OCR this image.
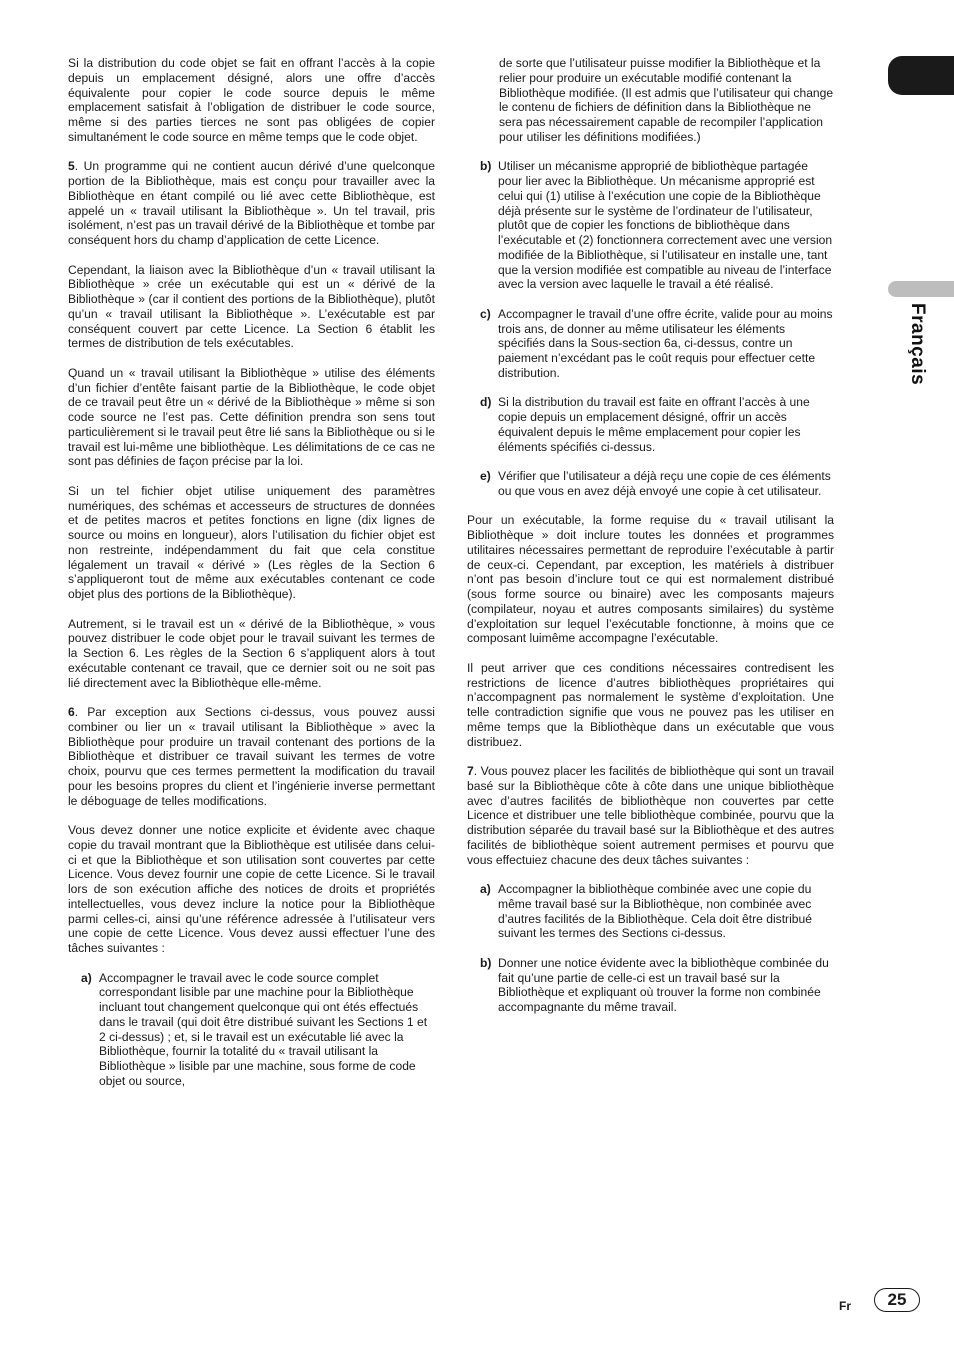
Français

Si la distribution du code objet se fait en offrant l’accès à la copie depuis un emplacement désigné, alors une offre d’accès équivalente pour copier le code source depuis le même emplacement satisfait à l’obligation de distribuer le code source, même si des parties tierces ne sont pas obligées de copier simultanément le code source en même temps que le code objet.

5. Un programme qui ne contient aucun dérivé d’une quelconque portion de la Bibliothèque, mais est conçu pour travailler avec la Bibliothèque en étant compilé ou lié avec cette Bibliothèque, est appelé un « travail utilisant la Bibliothèque ». Un tel travail, pris isolément, n’est pas un travail dérivé de la Bibliothèque et tombe par conséquent hors du champ d’application de cette Licence.

Cependant, la liaison avec la Bibliothèque d’un « travail utilisant la Bibliothèque » crée un exécutable qui est un « dérivé de la Bibliothèque » (car il contient des portions de la Bibliothèque), plutôt qu’un « travail utilisant la Bibliothèque ». L’exécutable est par conséquent couvert par cette Licence. La Section 6 établit les termes de distribution de tels exécutables.

Quand un « travail utilisant la Bibliothèque » utilise des éléments d’un fichier d’entête faisant partie de la Bibliothèque, le code objet de ce travail peut être un « dérivé de la Bibliothèque » même si son code source ne l’est pas. Cette définition prendra son sens tout particulièrement si le travail peut être lié sans la Bibliothèque ou si le travail est lui-même une bibliothèque. Les délimitations de ce cas ne sont pas définies de façon précise par la loi.

Si un tel fichier objet utilise uniquement des paramètres numériques, des schémas et accesseurs de structures de données et de petites macros et petites fonctions en ligne (dix lignes de source ou moins en longueur), alors l’utilisation du fichier objet est non restreinte, indépendamment du fait que cela constitue légalement un travail « dérivé » (Les règles de la Section 6 s’appliqueront tout de même aux exécutables contenant ce code objet plus des portions de la Bibliothèque).

Autrement, si le travail est un « dérivé de la Bibliothèque, » vous pouvez distribuer le code objet pour le travail suivant les termes de la Section 6. Les règles de la Section 6 s’appliquent alors à tout exécutable contenant ce travail, que ce dernier soit ou ne soit pas lié directement avec la Bibliothèque elle-même.

6. Par exception aux Sections ci-dessus, vous pouvez aussi combiner ou lier un « travail utilisant la Bibliothèque » avec la Bibliothèque pour produire un travail contenant des portions de la Bibliothèque et distribuer ce travail suivant les termes de votre choix, pourvu que ces termes permettent la modification du travail pour les besoins propres du client et l’ingénierie inverse permettant le déboguage de telles modifications.

Vous devez donner une notice explicite et évidente avec chaque copie du travail montrant que la Bibliothèque est utilisée dans celui-ci et que la Bibliothèque et son utilisation sont couvertes par cette Licence. Vous devez fournir une copie de cette Licence. Si le travail lors de son exécution affiche des notices de droits et propriétés intellectuelles, vous devez inclure la notice pour la Bibliothèque parmi celles-ci, ainsi qu’une référence adressée à l’utilisateur vers une copie de cette Licence. Vous devez aussi effectuer l’une des tâches suivantes :

a) Accompagner le travail avec le code source complet correspondant lisible par une machine pour la Bibliothèque incluant tout changement quelconque qui ont étés effectués dans le travail (qui doit être distribué suivant les Sections 1 et 2 ci-dessus) ; et, si le travail est un exécutable lié avec la Bibliothèque, fournir la totalité du « travail utilisant la Bibliothèque » lisible par une machine, sous forme de code objet ou source,
de sorte que l’utilisateur puisse modifier la Bibliothèque et la relier pour produire un exécutable modifié contenant la Bibliothèque modifiée. (Il est admis que l’utilisateur qui change le contenu de fichiers de définition dans la Bibliothèque ne sera pas nécessairement capable de recompiler l’application pour utiliser les définitions modifiées.)
b) Utiliser un mécanisme approprié de bibliothèque partagée pour lier avec la Bibliothèque. Un mécanisme approprié est celui qui (1) utilise à l’exécution une copie de la Bibliothèque déjà présente sur le système de l’ordinateur de l’utilisateur, plutôt que de copier les fonctions de bibliothèque dans l’exécutable et (2) fonctionnera correctement avec une version modifiée de la Bibliothèque, si l’utilisateur en installe une, tant que la version modifiée est compatible au niveau de l’interface avec la version avec laquelle le travail a été réalisé.
c) Accompagner le travail d’une offre écrite, valide pour au moins trois ans, de donner au même utilisateur les éléments spécifiés dans la Sous-section 6a, ci-dessus, contre un paiement n’excédant pas le coût requis pour effectuer cette distribution.
d) Si la distribution du travail est faite en offrant l’accès à une copie depuis un emplacement désigné, offrir un accès équivalent depuis le même emplacement pour copier les éléments spécifiés ci-dessus.
e) Vérifier que l’utilisateur a déjà reçu une copie de ces éléments ou que vous en avez déjà envoyé une copie à cet utilisateur.

Pour un exécutable, la forme requise du « travail utilisant la Bibliothèque » doit inclure toutes les données et programmes utilitaires nécessaires permettant de reproduire l’exécutable à partir de ceux-ci. Cependant, par exception, les matériels à distribuer n’ont pas besoin d’inclure tout ce qui est normalement distribué (sous forme source ou binaire) avec les composants majeurs (compilateur, noyau et autres composants similaires) du système d’exploitation sur lequel l’exécutable fonctionne, à moins que ce composant luimême accompagne l’exécutable.

Il peut arriver que ces conditions nécessaires contredisent les restrictions de licence d’autres bibliothèques propriétaires qui n’accompagnent pas normalement le système d’exploitation. Une telle contradiction signifie que vous ne pouvez pas les utiliser en même temps que la Bibliothèque dans un exécutable que vous distribuez.

7. Vous pouvez placer les facilités de bibliothèque qui sont un travail basé sur la Bibliothèque côte à côte dans une unique bibliothèque avec d’autres facilités de bibliothèque non couvertes par cette Licence et distribuer une telle bibliothèque combinée, pourvu que la distribution séparée du travail basé sur la Bibliothèque et des autres facilités de bibliothèque soient autrement permises et pourvu que vous effectuiez chacune des deux tâches suivantes :

a) Accompagner la bibliothèque combinée avec une copie du même travail basé sur la Bibliothèque, non combinée avec d’autres facilités de la Bibliothèque. Cela doit être distribué suivant les termes des Sections ci-dessus.
b) Donner une notice évidente avec la bibliothèque combinée du fait qu’une partie de celle-ci est un travail basé sur la Bibliothèque et expliquant où trouver la forme non combinée accompagnante du même travail.
Fr	25
